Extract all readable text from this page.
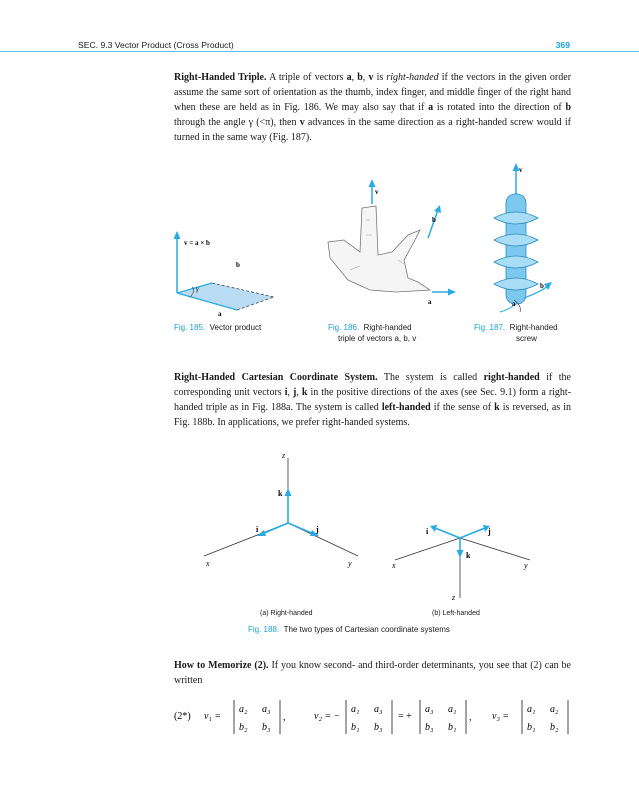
SEC. 9.3 Vector Product (Cross Product)	369
Right-Handed Triple. A triple of vectors a, b, v is right-handed if the vectors in the given order assume the same sort of orientation as the thumb, index finger, and middle finger of the right hand when these are held as in Fig. 186. We may also say that if a is rotated into the direction of b through the angle γ (<π), then v advances in the same direction as a right-handed screw would if turned in the same way (Fig. 187).
v = a × b
b
a
γ
Fig. 185. Vector product
v
b
a
Fig. 186. Right-handed
triple of vectors a, b, v
v
b
a
Fig. 187. Right-handed
screw
Right-Handed Cartesian Coordinate System. The system is called right-handed if the corresponding unit vectors i, j, k in the positive directions of the axes (see Sec. 9.1) form a right-handed triple as in Fig. 188a. The system is called left-handed if the sense of k is reversed, as in Fig. 188b. In applications, we prefer right-handed systems.
z
k
i	j
x	y
i	j
k
x	y
z
(a) Right-handed	(b) Left-handed
Fig. 188. The two types of Cartesian coordinate systems
How to Memorize (2). If you know second- and third-order determinants, you see that (2) can be written
(2*) v₁ =
a₂ a₃
b₂ b₃
,	v₂ = −
a₁ a₃
b₁ b₃
= +
a₃ a₁
b₃ b₁
, v₃ =
a₁ a₂
b₁ b₂
